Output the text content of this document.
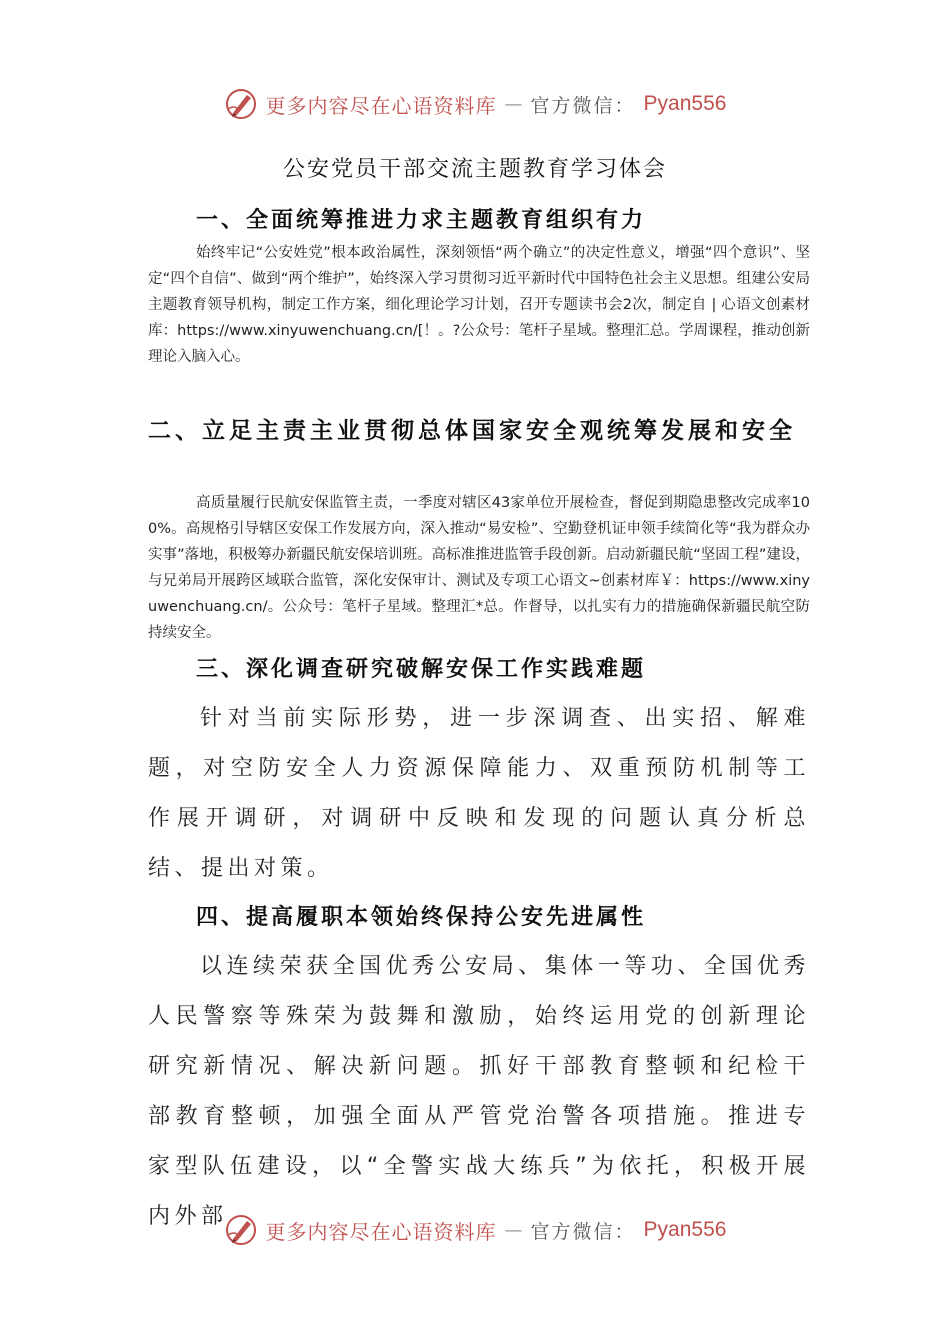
更多内容尽在心语资料库 — 官方微信： Pyan556
公安党员干部交流主题教育学习体会
一、全面统筹推进力求主题教育组织有力
始终牢记“公安姓党”根本政治属性，深刻领悟“两个确立”的决定性意义，增强“四个意识”、坚定“四个自信”、做到“两个维护”，始终深入学习贯彻习近平新时代中国特色社会主义思想。组建公安局主题教育领导机构，制定工作方案，细化理论学习计划，召开专题读书会2次，制定自 | 心语文创素材库：https://www.xinyuwenchuang.cn/[！。?公众号：笔杆子星域。整理汇总。学周课程，推动创新理论入脑入心。
二、立足主责主业贯彻总体国家安全观统筹发展和安全
高质量履行民航安保监管主责，一季度对辖区43家单位开展检查，督促到期隐患整改完成率100%。高规格引导辖区安保工作发展方向，深入推动“易安检”、空勤登机证申领手续简化等“我为群众办实事”落地，积极筹办新疆民航安保培训班。高标准推进监管手段创新。启动新疆民航“坚固工程”建设，与兄弟局开展跨区域联合监管，深化安保审计、测试及专项工心语文~创素材库￥：https://www.xinyuwenchuang.cn/。公众号：笔杆子星域。整理汇*总。作督导，以扎实有力的措施确保新疆民航空防持续安全。
三、深化调查研究破解安保工作实践难题
针对当前实际形势，进一步深调查、出实招、解难题，对空防安全人力资源保障能力、双重预防机制等工作展开调研，对调研中反映和发现的问题认真分析总结、提出对策。
四、提高履职本领始终保持公安先进属性
以连续荣获全国优秀公安局、集体一等功、全国优秀人民警察等殊荣为鼓舞和激励，始终运用党的创新理论研究新情况、解决新问题。抓好干部教育整顿和纪检干部教育整顿，加强全面从严管党治警各项措施。推进专家型队伍建设，以“全警实战大练兵”为依托，积极开展内外部
更多内容尽在心语资料库 — 官方微信： Pyan556
